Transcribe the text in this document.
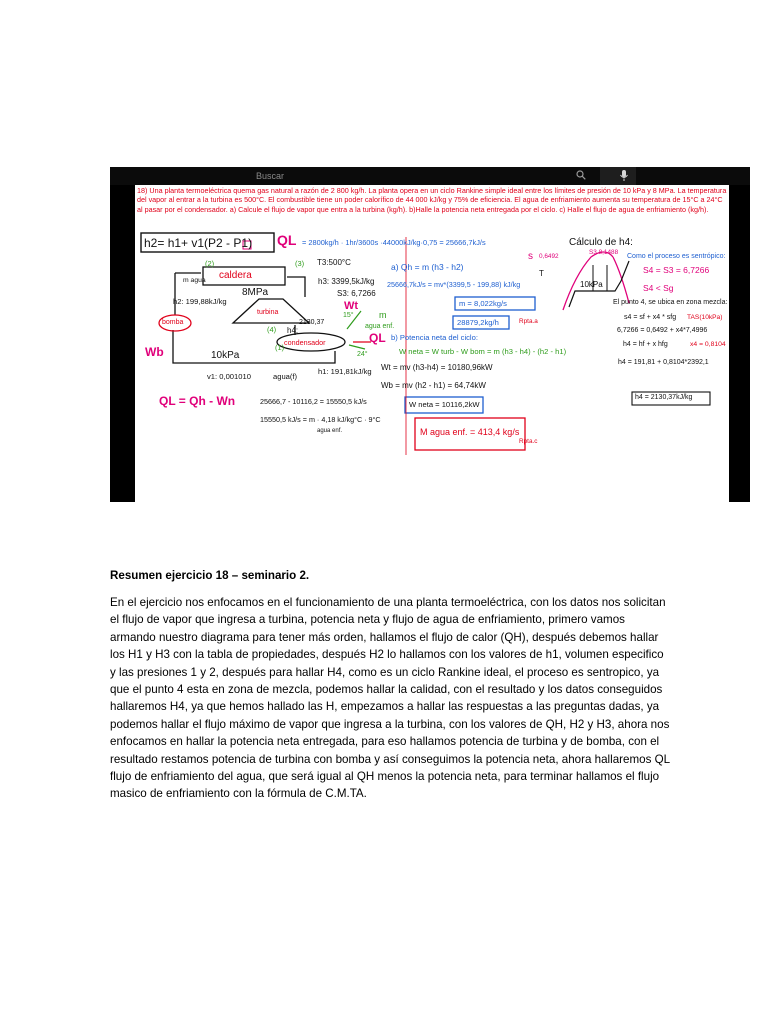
Buscar
18) Una planta termoeléctrica quema gas natural a razón de 2 800 kg/h. La planta opera en un ciclo Rankine simple ideal entre los límites de presión de 10 kPa y 8 MPa. La temperatura del vapor al entrar a la turbina es 500°C. El combustible tiene un poder calorífico de 44 000 kJ/kg y 75% de eficiencia. El agua de enfriamiento aumenta su temperatura de 15°C a 24°C al pasar por el condensador. a) Calcule el flujo de vapor que entra a la turbina (kg/h). b)Halle la potencia neta entregada por el ciclo. c) Halle el flujo de agua de enfriamiento (kg/h).
h2= h1+ v1(P2 - P1) QL = 2800kg/h · 1hr/3600s ·44000kJ/kg·0,75 = 25666,7kJ/s
(2)	(3) T3:500°C
caldera
m agua
8MPa
h3: 3399,5kJ/kg
S3: 6,7266
Wt
h2: 199,88kJ/kg
bomba
turbina
(4) h4:
2130,37
15°	m
agua enf.
(1)
condensador	QL
24°
Wb	10kPa
v1: 0,001010	agua(f)
h1: 191,81kJ/kg
QL = Qh - Wn	25666,7 - 10116,2 = 15550,5 kJ/s
15550,5 kJ/s = m · 4,18 kJ/kg°C · 9°C
agua enf.
a) Qh = m (h3 - h2)
25666,7kJ/s = mv*(3399,5 - 199,88) kJ/kg
m = 8,022kg/s
28879,2kg/h	Rpta.a
b) Potencia neta del ciclo:
W neta = W turb - W bom = m (h3 - h4) - (h2 - h1)
Wt = mv (h3-h4) = 10180,96kW
Wb = mv (h2 - h1) = 64,74kW
W neta = 10116,2kW
M agua enf. = 413,4 kg/s
Rpta.c
s
T
10kPa
0,6492
S3 8,1488
Cálculo de h4:
Como el proceso es sentrópico:
S4 = S3 = 6,7266
S4 < Sg
El punto 4, se ubica en zona mezcla:
s4 = sf + x4 * sfg TAS(10kPa)
6,7266 = 0,6492 + x4*7,4996
h4 = hf + x hfg	x4 = 0,8104
h4 = 191,81 + 0,8104*2392,1
h4 = 2130,37kJ/kg
Resumen ejercicio 18 – seminario 2.

En el ejercicio nos enfocamos en el funcionamiento de una planta termoeléctrica, con los datos nos solicitan el flujo de vapor que ingresa a turbina, potencia neta y flujo de agua de enfriamiento, primero vamos armando nuestro diagrama para tener más orden, hallamos el flujo de calor (QH), después debemos hallar los H1 y H3 con la tabla de propiedades, después H2 lo hallamos con los valores de h1, volumen especifico y las presiones 1 y 2, después para hallar H4, como es un ciclo Rankine ideal, el proceso es sentropico, ya que el punto 4 esta en zona de mezcla, podemos hallar la calidad, con el resultado y los datos conseguidos hallaremos H4, ya que hemos hallado las H, empezamos a hallar las respuestas a las preguntas dadas, ya podemos hallar el flujo máximo de vapor que ingresa a la turbina, con los valores de QH, H2 y H3, ahora nos enfocamos en hallar la potencia neta entregada, para eso hallamos potencia de turbina y de bomba, con el resultado restamos potencia de turbina con bomba y así conseguimos la potencia neta, ahora hallaremos QL flujo de enfriamiento del agua, que será igual al QH menos la potencia neta, para terminar hallamos el flujo masico de enfriamiento con la fórmula de C.M.TA.
